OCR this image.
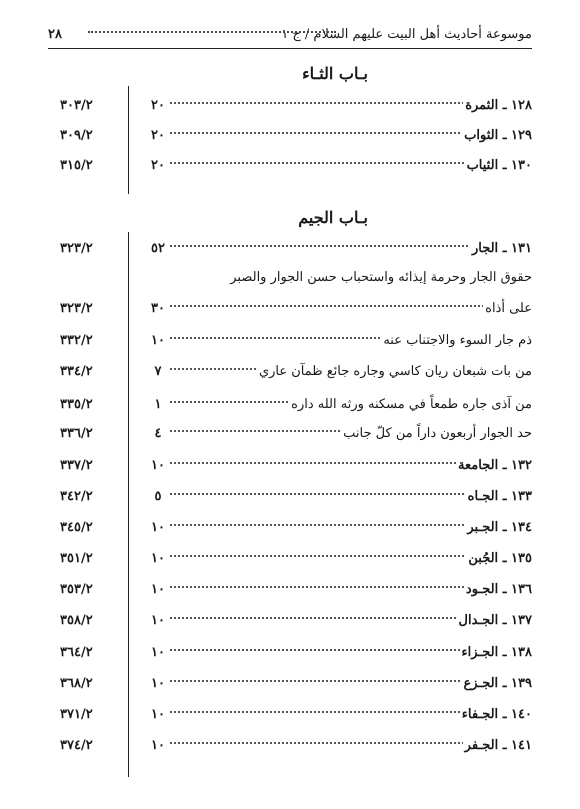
موسوعة أحاديث أهل البيت عليهم السلام / ج ١
٢٨
بـاب الثـاء
١٢٨ ـ الثمرة
٢٠
٣٠٣/٢
١٢٩ ـ الثواب
٢٠
٣٠٩/٢
١٣٠ ـ الثياب
٢٠
٣١٥/٢
بـاب الجيم
١٣١ ـ الجار
٥٢
٣٢٣/٢
حقوق الجار وحرمة إيذائه واستحباب حسن الجوار والصبر
على أذاه
٣٠
٣٢٣/٢
ذم جار السوء والاجتناب عنه
١٠
٣٣٢/٢
من بات شبعان ريان كاسي وجاره جائع ظمآن عاري
٧
٣٣٤/٢
من آذى جاره طمعاً في مسكنه ورثه الله داره
١
٣٣٥/٢
حد الجوار أربعون داراً من كلّ جانب
٤
٣٣٦/٢
١٣٢ ـ الجامعة
١٠
٣٣٧/٢
١٣٣ ـ الجـاه
٥
٣٤٢/٢
١٣٤ ـ الجـبر
١٠
٣٤٥/٢
١٣٥ ـ الجُبن
١٠
٣٥١/٢
١٣٦ ـ الجـود
١٠
٣٥٣/٢
١٣٧ ـ الجـدال
١٠
٣٥٨/٢
١٣٨ ـ الجـزاء
١٠
٣٦٤/٢
١٣٩ ـ الجـزع
١٠
٣٦٨/٢
١٤٠ ـ الجـفاء
١٠
٣٧١/٢
١٤١ ـ الجـفر
١٠
٣٧٤/٢
